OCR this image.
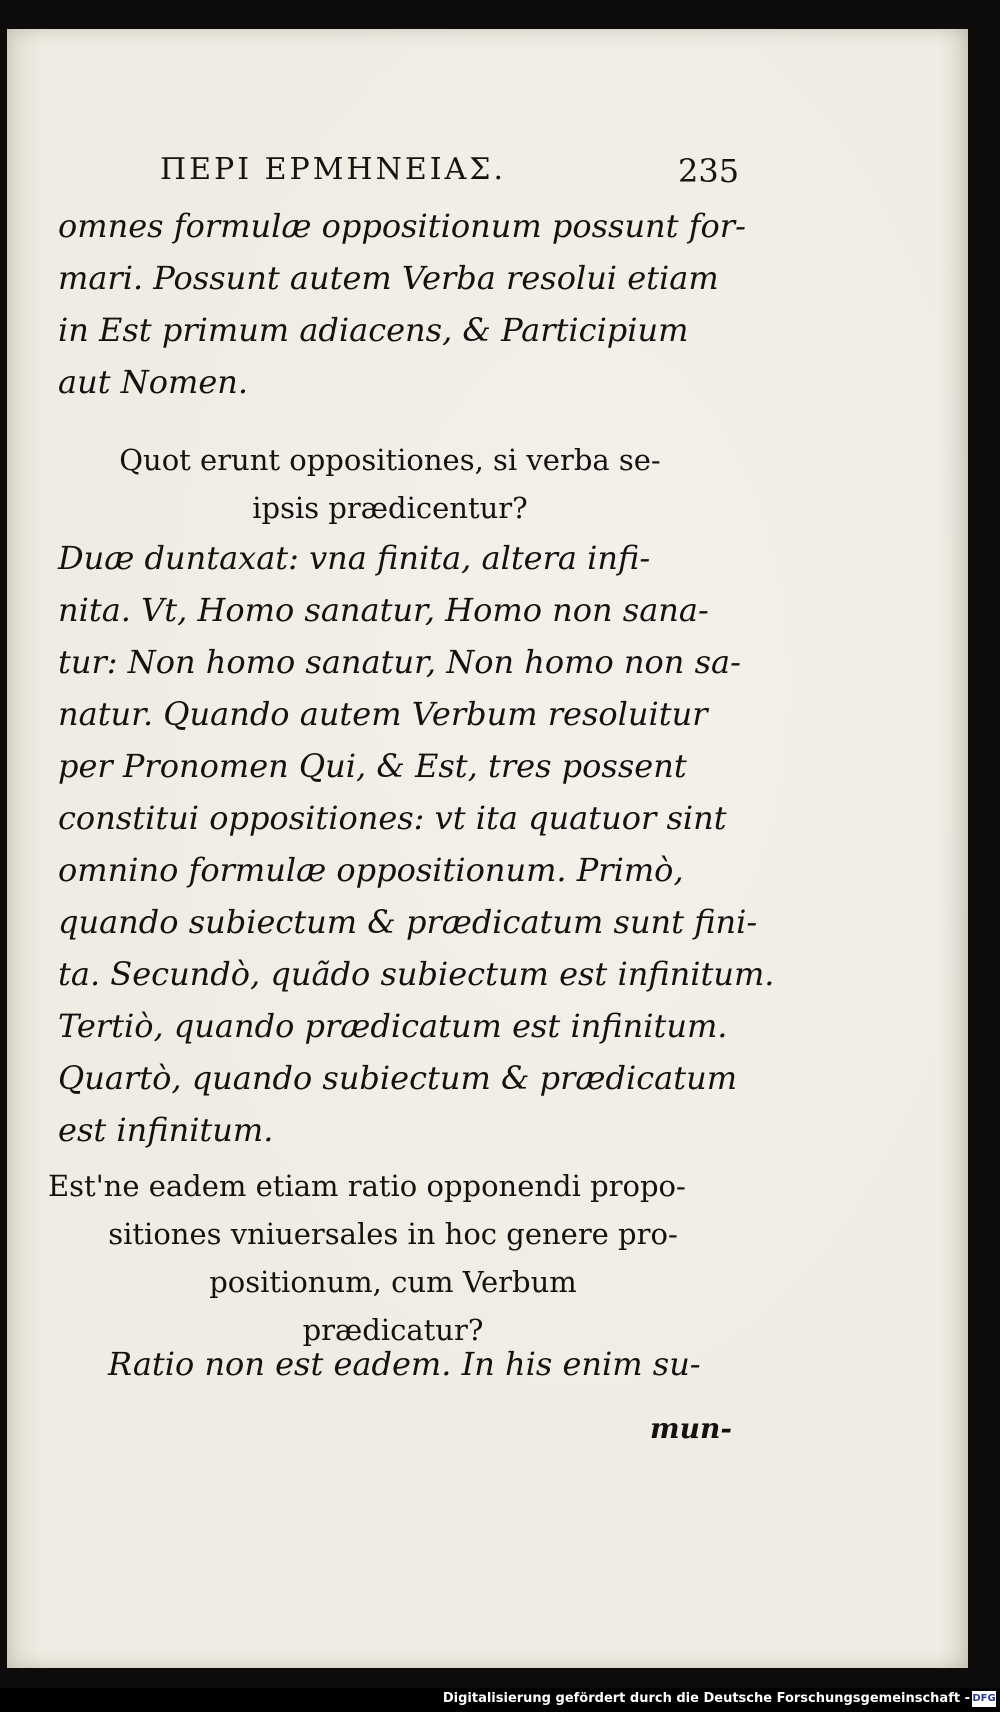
ΠΕΡΙ ΕΡΜΗΝΕΙΑΣ.	235
omnes formulæ oppositionum possunt for-
mari. Possunt autem Verba resolui etiam
in Est primum adiacens, & Participium
aut Nomen.
Quot erunt oppositiones, si verba se-
ipsis prædicentur?
Duæ duntaxat: vna finita, altera infi-
nita. Vt, Homo sanatur, Homo non sana-
tur: Non homo sanatur, Non homo non sa-
natur. Quando autem Verbum resoluitur
per Pronomen Qui, & Est, tres possent
constitui oppositiones: vt ita quatuor sint
omnino formulæ oppositionum. Primò,
quando subiectum & prædicatum sunt fini-
ta. Secundò, quãdo subiectum est infinitum.
Tertiò, quando prædicatum est infinitum.
Quartò, quando subiectum & prædicatum
est infinitum.
Est'ne eadem etiam ratio opponendi propo-
sitiones vniuersales in hoc genere pro-
positionum, cum Verbum
prædicatur?
Ratio non est eadem. In his enim su-
mun-
Digitalisierung gefördert durch die Deutsche Forschungsgemeinschaft - DFG
